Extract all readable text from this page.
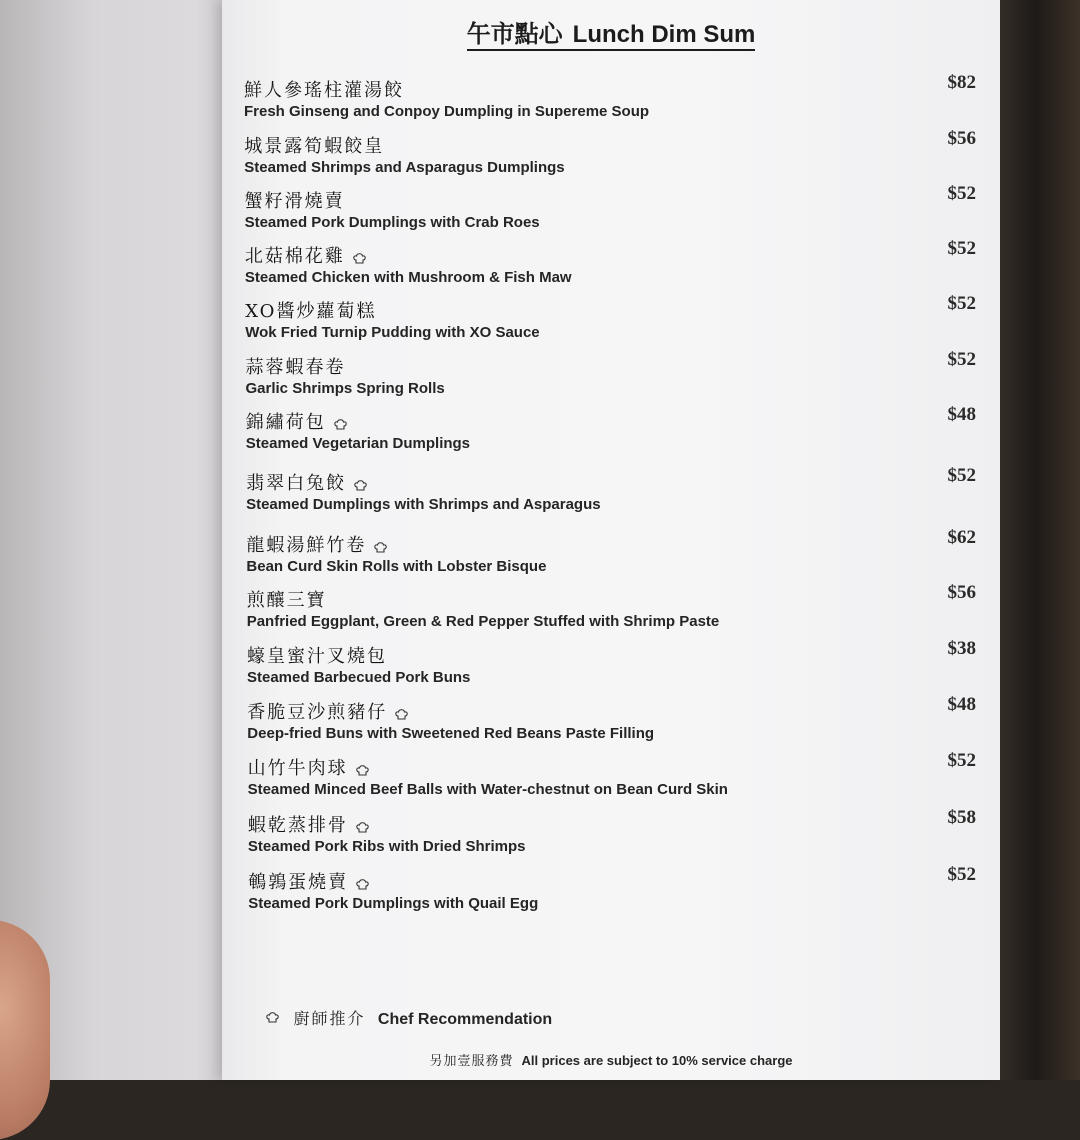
午市點心 Lunch Dim Sum
鮮人參瑤柱灌湯餃
Fresh Ginseng and Conpoy Dumpling in Supereme Soup
$82
城景露筍蝦餃皇
Steamed Shrimps and Asparagus Dumplings
$56
蟹籽滑燒賣
Steamed Pork Dumplings with Crab Roes
$52
北菇棉花雞
Steamed Chicken with Mushroom & Fish Maw
$52
XO醬炒蘿蔔糕
Wok Fried Turnip Pudding with XO Sauce
$52
蒜蓉蝦春卷
Garlic Shrimps Spring Rolls
$52
錦繡荷包
Steamed Vegetarian Dumplings
$48
翡翠白兔餃
Steamed Dumplings with Shrimps and Asparagus
$52
龍蝦湯鮮竹卷
Bean Curd Skin Rolls with Lobster Bisque
$62
煎釀三寶
Panfried Eggplant, Green & Red Pepper Stuffed with Shrimp Paste
$56
蠔皇蜜汁叉燒包
Steamed Barbecued Pork Buns
$38
香脆豆沙煎豬仔
Deep-fried Buns with Sweetened Red Beans Paste Filling
$48
山竹牛肉球
Steamed Minced Beef Balls with Water-chestnut on Bean Curd Skin
$52
蝦乾蒸排骨
Steamed Pork Ribs with Dried Shrimps
$58
鵪鶉蛋燒賣
Steamed Pork Dumplings with Quail Egg
$52
廚師推介 Chef Recommendation
另加壹服務費 All prices are subject to 10% service charge
